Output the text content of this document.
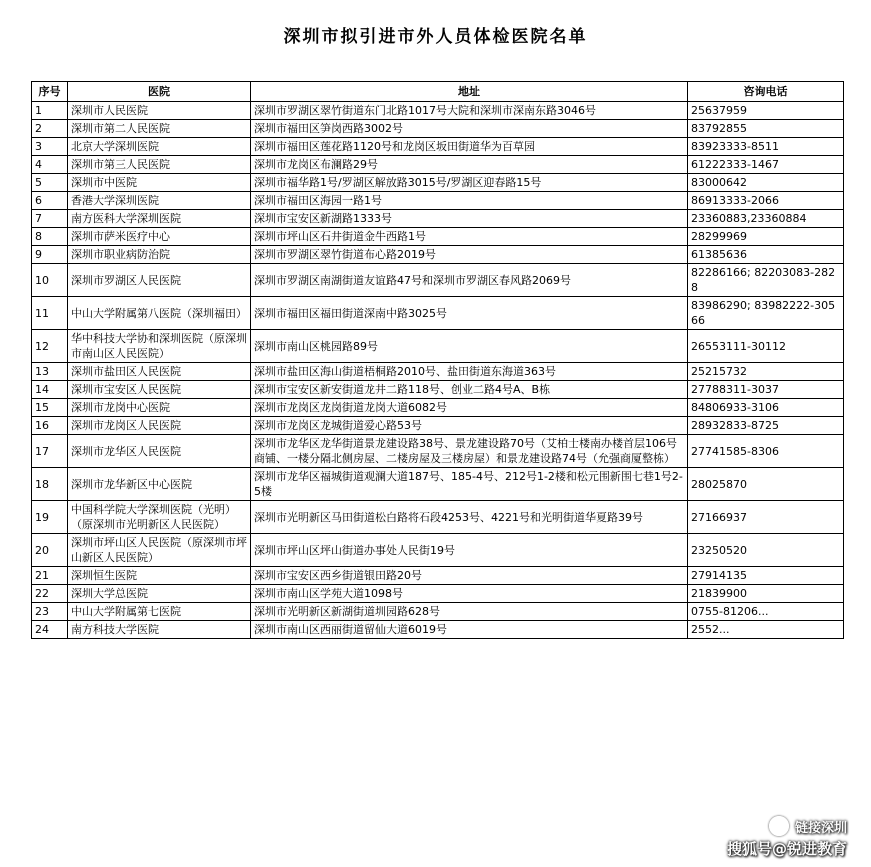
深圳市拟引进市外人员体检医院名单
序号	医院	地址	咨询电话
1	深圳市人民医院	深圳市罗湖区翠竹街道东门北路1017号大院和深圳市深南东路3046号	25637959
2	深圳市第二人民医院	深圳市福田区笋岗西路3002号	83792855
3	北京大学深圳医院	深圳市福田区莲花路1120号和龙岗区坂田街道华为百草园	83923333-8511
4	深圳市第三人民医院	深圳市龙岗区布澜路29号	61222333-1467
5	深圳市中医院	深圳市福华路1号/罗湖区解放路3015号/罗湖区迎春路15号	83000642
6	香港大学深圳医院	深圳市福田区海园一路1号	86913333-2066
7	南方医科大学深圳医院	深圳市宝安区新湖路1333号	23360883,23360884
8	深圳市萨米医疗中心	深圳市坪山区石井街道金牛西路1号	28299969
9	深圳市职业病防治院	深圳市罗湖区翠竹街道布心路2019号	61385636
10	深圳市罗湖区人民医院	深圳市罗湖区南湖街道友谊路47号和深圳市罗湖区春风路2069号	82286166; 82203083-2828
11	中山大学附属第八医院（深圳福田）	深圳市福田区福田街道深南中路3025号	83986290; 83982222-30566
12	华中科技大学协和深圳医院（原深圳市南山区人民医院）	深圳市南山区桃园路89号	26553111-30112
13	深圳市盐田区人民医院	深圳市盐田区海山街道梧桐路2010号、盐田街道东海道363号	25215732
14	深圳市宝安区人民医院	深圳市宝安区新安街道龙井二路118号、创业二路4号A、B栋	27788311-3037
15	深圳市龙岗中心医院	深圳市龙岗区龙岗街道龙岗大道6082号	84806933-3106
16	深圳市龙岗区人民医院	深圳市龙岗区龙城街道爱心路53号	28932833-8725
17	深圳市龙华区人民医院	深圳市龙华区龙华街道景龙建设路38号、景龙建设路70号（艾柏士楼南办楼首层106号商铺、一楼分隔北侧房屋、二楼房屋及三楼房屋）和景龙建设路74号（允强商厦整栋）	27741585-8306
18	深圳市龙华新区中心医院	深圳市龙华区福城街道观澜大道187号、185-4号、212号1-2楼和松元围新围七巷1号2-5楼	28025870
19	中国科学院大学深圳医院（光明）（原深圳市光明新区人民医院）	深圳市光明新区马田街道松白路将石段4253号、4221号和光明街道华夏路39号	27166937
20	深圳市坪山区人民医院（原深圳市坪山新区人民医院）	深圳市坪山区坪山街道办事处人民街19号	23250520
21	深圳恒生医院	深圳市宝安区西乡街道银田路20号	27914135
22	深圳大学总医院	深圳市南山区学苑大道1098号	21839900
23	中山大学附属第七医院	深圳市光明新区新湖街道圳园路628号	0755-81206...
24	南方科技大学医院	深圳市南山区西丽街道留仙大道6019号	2552...
链接深圳
搜狐号@锐进教育
